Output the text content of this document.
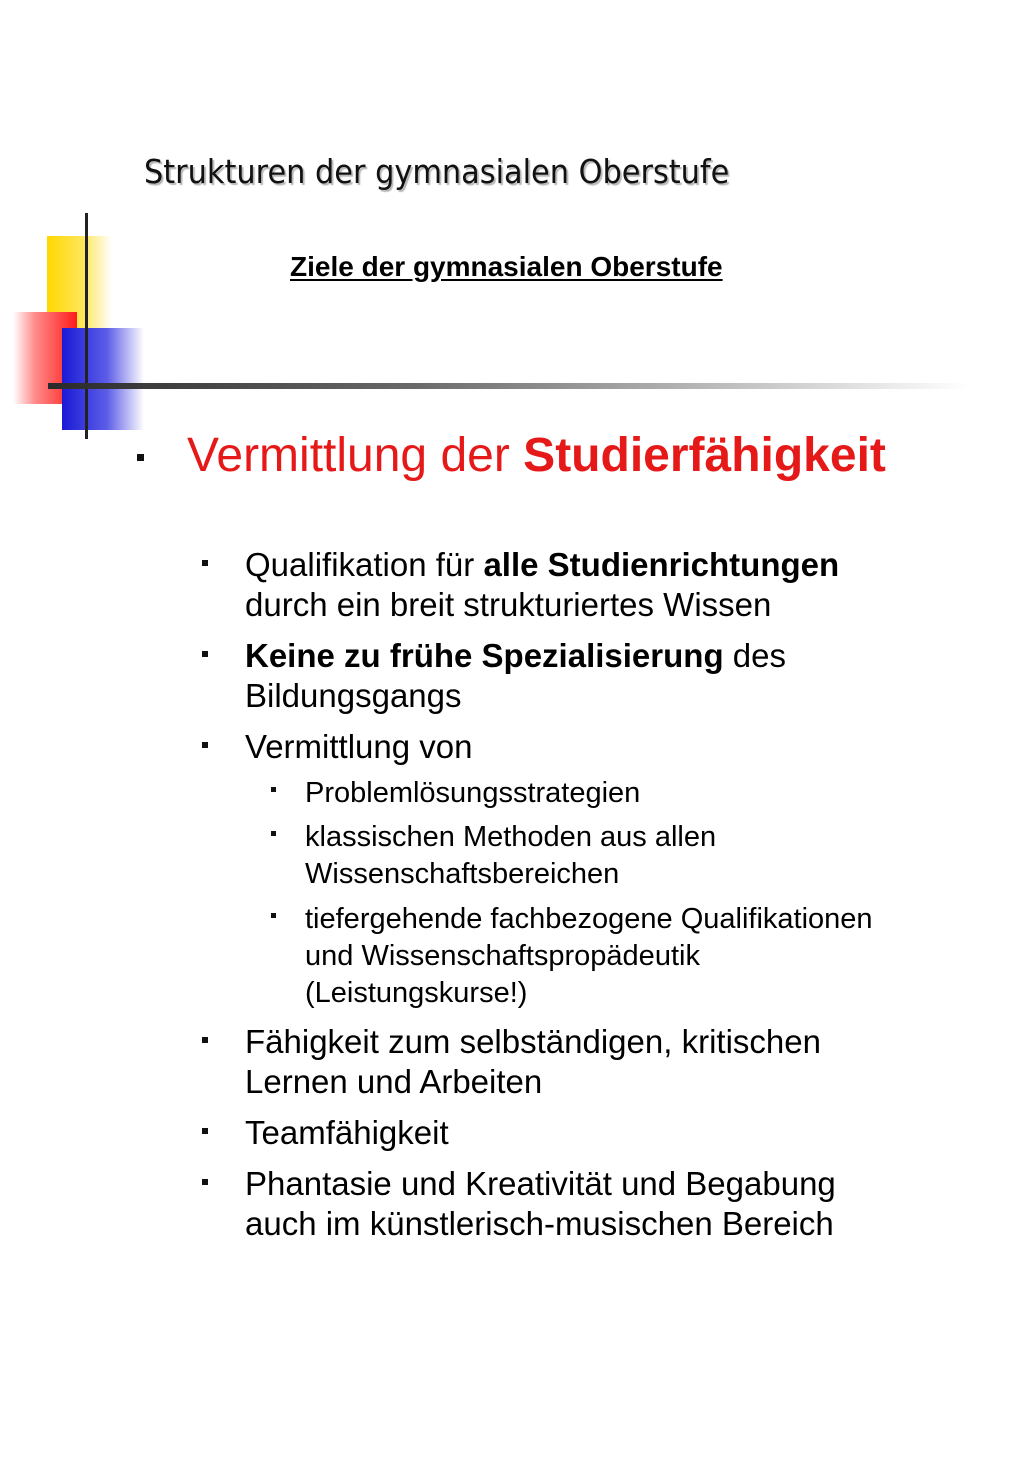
Strukturen der gymnasialen Oberstufe
Ziele der gymnasialen Oberstufe
Vermittlung der Studierfähigkeit
Qualifikation für alle Studienrichtungen
durch ein breit strukturiertes Wissen
Keine zu frühe Spezialisierung des
Bildungsgangs
Vermittlung von
Problemlösungsstrategien
klassischen Methoden aus allen
Wissenschaftsbereichen
tiefergehende fachbezogene Qualifikationen
und Wissenschaftspropädeutik
(Leistungskurse!)
Fähigkeit zum selbständigen, kritischen
Lernen und Arbeiten
Teamfähigkeit
Phantasie und Kreativität und Begabung
auch im künstlerisch-musischen Bereich
